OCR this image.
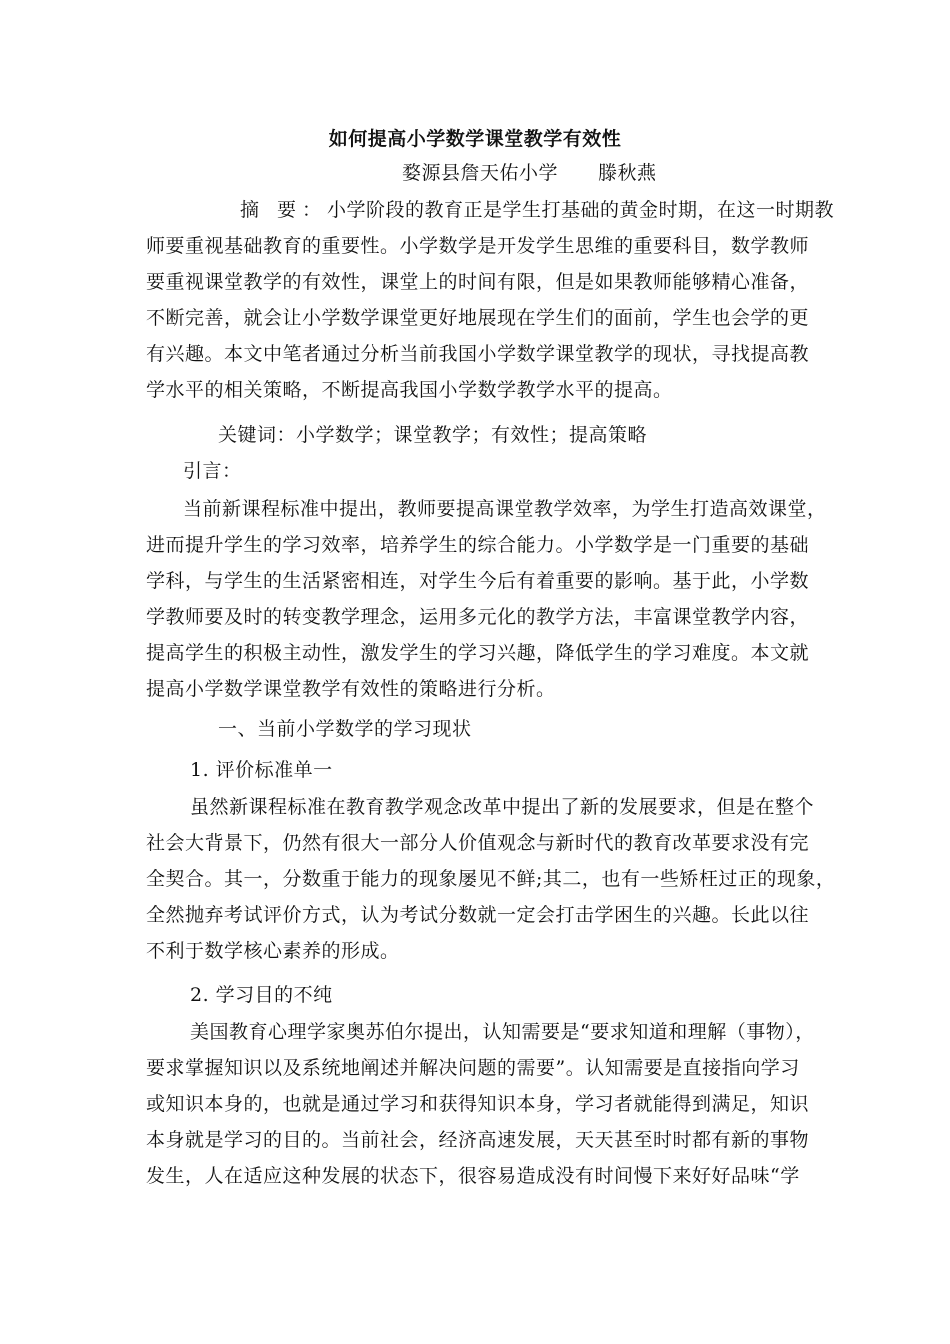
如何提高小学数学课堂教学有效性
婺源县詹天佑小学 滕秋燕
摘 要：小学阶段的教育正是学生打基础的黄金时期，在这一时期教
师要重视基础教育的重要性。小学数学是开发学生思维的重要科目，数学教师
要重视课堂教学的有效性，课堂上的时间有限，但是如果教师能够精心准备，
不断完善，就会让小学数学课堂更好地展现在学生们的面前，学生也会学的更
有兴趣。本文中笔者通过分析当前我国小学数学课堂教学的现状，寻找提高教
学水平的相关策略，不断提高我国小学数学教学水平的提高。
关键词：小学数学；课堂教学；有效性；提高策略
引言：
当前新课程标准中提出，教师要提高课堂教学效率，为学生打造高效课堂，
进而提升学生的学习效率，培养学生的综合能力。小学数学是一门重要的基础
学科，与学生的生活紧密相连，对学生今后有着重要的影响。基于此，小学数
学教师要及时的转变教学理念，运用多元化的教学方法，丰富课堂教学内容，
提高学生的积极主动性，激发学生的学习兴趣，降低学生的学习难度。本文就
提高小学数学课堂教学有效性的策略进行分析。
一、当前小学数学的学习现状
1. 评价标准单一
虽然新课程标准在教育教学观念改革中提出了新的发展要求，但是在整个
社会大背景下，仍然有很大一部分人价值观念与新时代的教育改革要求没有完
全契合。其一，分数重于能力的现象屡见不鲜;其二，也有一些矫枉过正的现象，
全然抛弃考试评价方式，认为考试分数就一定会打击学困生的兴趣。长此以往
不利于数学核心素养的形成。
2. 学习目的不纯
美国教育心理学家奥苏伯尔提出，认知需要是“要求知道和理解（事物），
要求掌握知识以及系统地阐述并解决问题的需要”。认知需要是直接指向学习
或知识本身的，也就是通过学习和获得知识本身，学习者就能得到满足，知识
本身就是学习的目的。当前社会，经济高速发展，天天甚至时时都有新的事物
发生，人在适应这种发展的状态下，很容易造成没有时间慢下来好好品味“学
